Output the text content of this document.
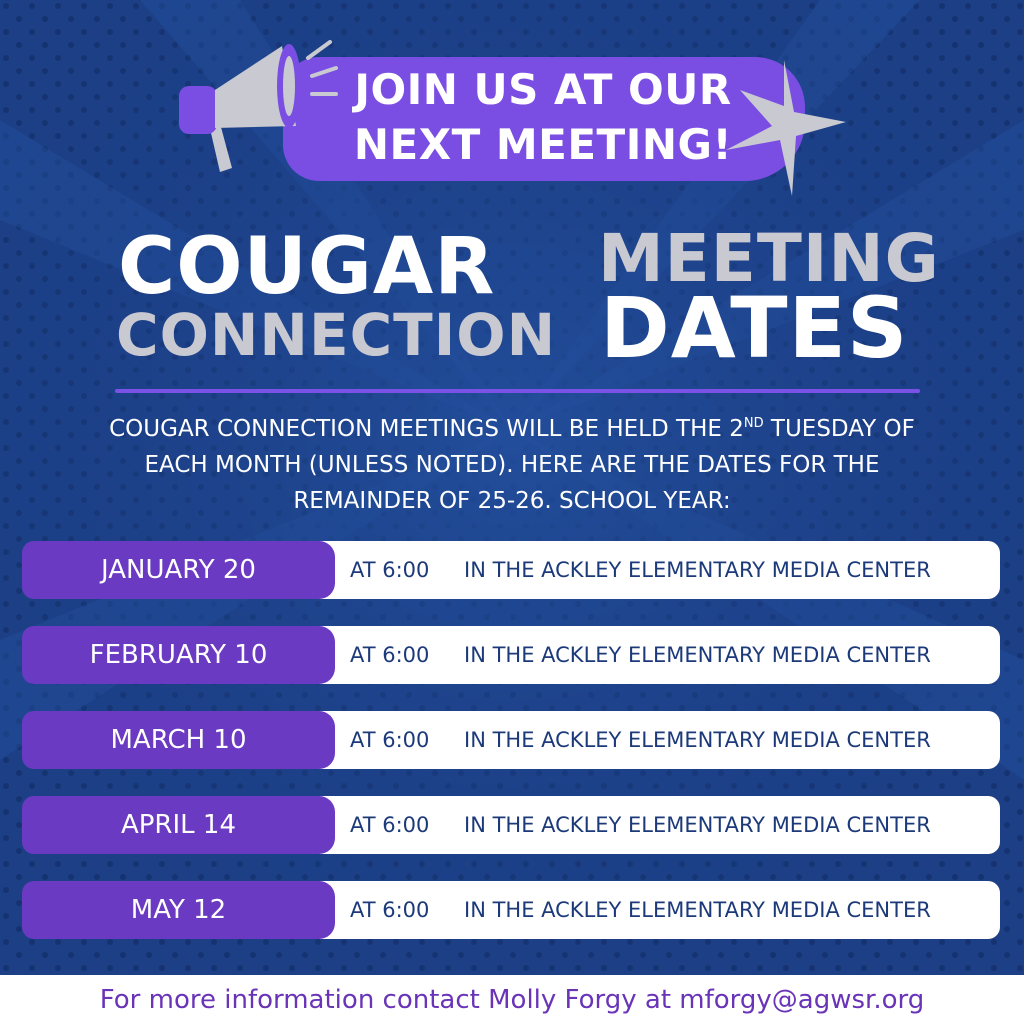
JOIN US AT OUR
NEXT MEETING!
COUGAR
CONNECTION
MEETING
DATES
COUGAR CONNECTION MEETINGS WILL BE HELD THE 2ND TUESDAY OF
EACH MONTH (UNLESS NOTED). HERE ARE THE DATES FOR THE
REMAINDER OF 25-26. SCHOOL YEAR:
JANUARY 20	AT 6:00 IN THE ACKLEY ELEMENTARY MEDIA CENTER
FEBRUARY 10	AT 6:00 IN THE ACKLEY ELEMENTARY MEDIA CENTER
MARCH 10	AT 6:00 IN THE ACKLEY ELEMENTARY MEDIA CENTER
APRIL 14	AT 6:00 IN THE ACKLEY ELEMENTARY MEDIA CENTER
MAY 12	AT 6:00 IN THE ACKLEY ELEMENTARY MEDIA CENTER
For more information contact Molly Forgy at mforgy@agwsr.org
